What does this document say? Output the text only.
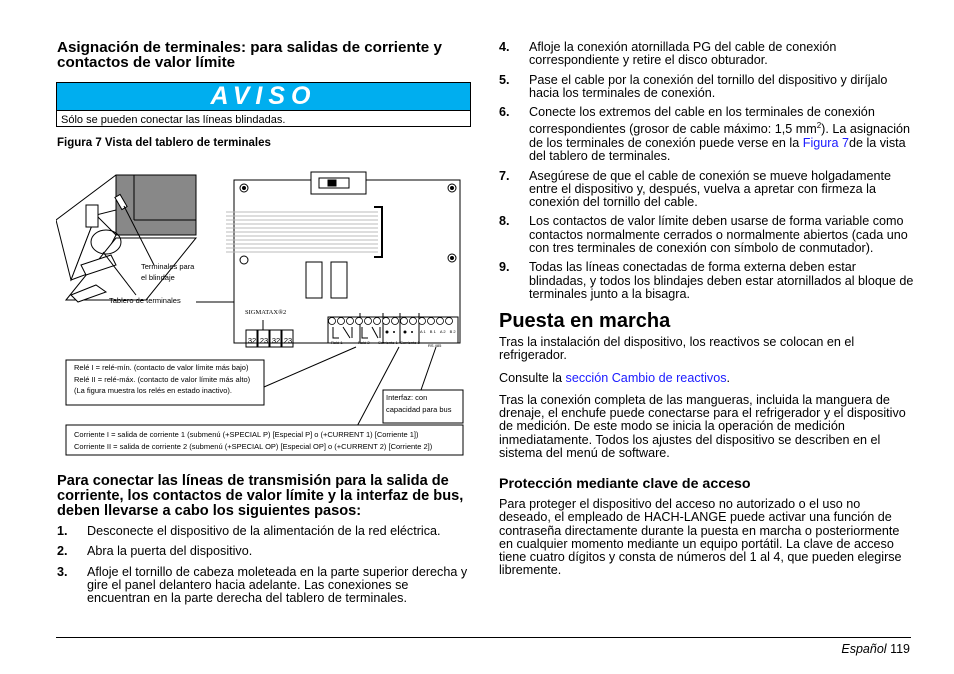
Asignación de terminales: para salidas de corriente y contactos de valor límite
AVISO
Sólo se pueden conectar las líneas blindadas.
Figura 7 Vista del tablero de terminales
Terminales para
el blindaje
Tablero de terminales
SIGMATAX®2
32 23 32 23	Relé 1	Relé 2 Corriente 1 Corriente 2
RS 485
A 1 B 1 A 2 B 2
Relé I = relé-mín. (contacto de valor límite más bajo)
Relé II = relé-máx. (contacto de valor límite más alto)
(La figura muestra los relés en estado inactivo).
Interfaz: con
capacidad para bus
Corriente I = salida de corriente 1 (submenú (+SPECIAL P) [Especial P] o (+CURRENT 1) [Corriente 1])
Corriente II = salida de corriente 2 (submenú (+SPECIAL OP) [Especial OP] o (+CURRENT 2) [Corriente 2])
Para conectar las líneas de transmisión para la salida de corriente, los contactos de valor límite y la interfaz de bus, deben llevarse a cabo los siguientes pasos:
1.	Desconecte el dispositivo de la alimentación de la red eléctrica.
2.	Abra la puerta del dispositivo.
3.	Afloje el tornillo de cabeza moleteada en la parte superior derecha y gire el panel delantero hacia adelante. Las conexiones se encuentran en la parte derecha del tablero de terminales.
4.	Afloje la conexión atornillada PG del cable de conexión correspondiente y retire el disco obturador.
5.	Pase el cable por la conexión del tornillo del dispositivo y diríjalo hacia los terminales de conexión.
6.	Conecte los extremos del cable en los terminales de conexión correspondientes (grosor de cable máximo: 1,5 $mm^2$). La asignación de los terminales de conexión puede verse en la Figura 7de la vista del tablero de terminales.
7.	Asegúrese de que el cable de conexión se mueve holgadamente entre el dispositivo y, después, vuelva a apretar con firmeza la conexión del tornillo del cable.
8.	Los contactos de valor límite deben usarse de forma variable como contactos normalmente cerrados o normalmente abiertos (cada uno con tres terminales de conexión con símbolo de conmutador).
9.	Todas las líneas conectadas de forma externa deben estar blindadas, y todos los blindajes deben estar atornillados al bloque de terminales junto a la bisagra.
Puesta en marcha
Tras la instalación del dispositivo, los reactivos se colocan en el refrigerador.
Consulte la sección Cambio de reactivos.
Tras la conexión completa de las mangueras, incluida la manguera de drenaje, el enchufe puede conectarse para el refrigerador y el dispositivo de medición. De este modo se inicia la operación de medición inmediatamente. Todos los ajustes del dispositivo se describen en el sistema del menú de software.
Protección mediante clave de acceso
Para proteger el dispositivo del acceso no autorizado o el uso no deseado, el empleado de HACH-LANGE puede activar una función de contraseña directamente durante la puesta en marcha o posteriormente en cualquier momento mediante un equipo portátil. La clave de acceso tiene cuatro dígitos y consta de números del 1 al 4, que pueden elegirse libremente.
Español 119
